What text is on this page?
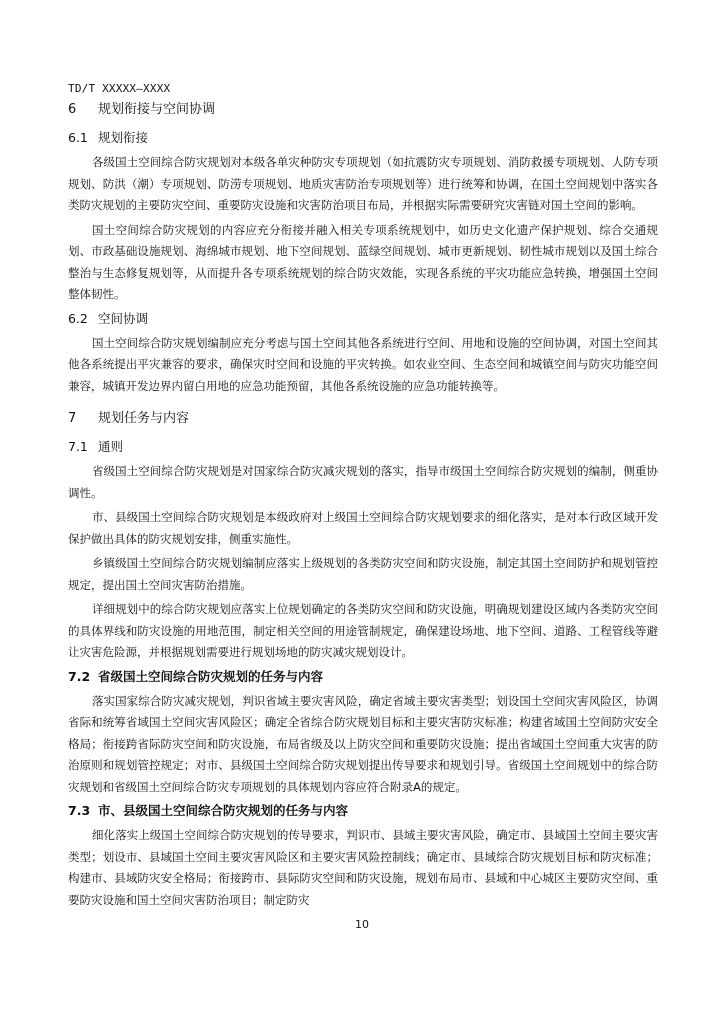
TD/T XXXXX—XXXX
6 规划衔接与空间协调
6.1 规划衔接

各级国土空间综合防灾规划对本级各单灾种防灾专项规划（如抗震防灾专项规划、消防救援专项规划、人防专项规划、防洪（潮）专项规划、防涝专项规划、地质灾害防治专项规划等）进行统筹和协调，在国土空间规划中落实各类防灾规划的主要防灾空间、重要防灾设施和灾害防治项目布局，并根据实际需要研究灾害链对国土空间的影响。

国土空间综合防灾规划的内容应充分衔接并融入相关专项系统规划中，如历史文化遗产保护规划、综合交通规划、市政基础设施规划、海绵城市规划、地下空间规划、蓝绿空间规划、城市更新规划、韧性城市规划以及国土综合整治与生态修复规划等，从而提升各专项系统规划的综合防灾效能，实现各系统的平灾功能应急转换，增强国土空间整体韧性。

6.2 空间协调

国土空间综合防灾规划编制应充分考虑与国土空间其他各系统进行空间、用地和设施的空间协调，对国土空间其他各系统提出平灾兼容的要求，确保灾时空间和设施的平灾转换。如农业空间、生态空间和城镇空间与防灾功能空间兼容，城镇开发边界内留白用地的应急功能预留，其他各系统设施的应急功能转换等。

7 规划任务与内容
7.1 通则

省级国土空间综合防灾规划是对国家综合防灾减灾规划的落实，指导市级国土空间综合防灾规划的编制，侧重协调性。

市、县级国土空间综合防灾规划是本级政府对上级国土空间综合防灾规划要求的细化落实，是对本行政区域开发保护做出具体的防灾规划安排，侧重实施性。

乡镇级国土空间综合防灾规划编制应落实上级规划的各类防灾空间和防灾设施，制定其国土空间防护和规划管控规定，提出国土空间灾害防治措施。

详细规划中的综合防灾规划应落实上位规划确定的各类防灾空间和防灾设施，明确规划建设区域内各类防灾空间的具体界线和防灾设施的用地范围，制定相关空间的用途管制规定，确保建设场地、地下空间、道路、工程管线等避让灾害危险源，并根据规划需要进行规划场地的防灾减灾规划设计。

7.2 省级国土空间综合防灾规划的任务与内容

落实国家综合防灾减灾规划，判识省域主要灾害风险，确定省域主要灾害类型；划设国土空间灾害风险区，协调省际和统筹省域国土空间灾害风险区；确定全省综合防灾规划目标和主要灾害防灾标准；构建省域国土空间防灾安全格局；衔接跨省际防灾空间和防灾设施，布局省级及以上防灾空间和重要防灾设施；提出省域国土空间重大灾害的防治原则和规划管控规定；对市、县级国土空间综合防灾规划提出传导要求和规划引导。省级国土空间规划中的综合防灾规划和省级国土空间综合防灾专项规划的具体规划内容应符合附录A的规定。

7.3 市、县级国土空间综合防灾规划的任务与内容

细化落实上级国土空间综合防灾规划的传导要求，判识市、县域主要灾害风险，确定市、县域国土空间主要灾害类型；划设市、县域国土空间主要灾害风险区和主要灾害风险控制线；确定市、县域综合防灾规划目标和防灾标准；构建市、县域防灾安全格局；衔接跨市、县际防灾空间和防灾设施，规划布局市、县域和中心城区主要防灾空间、重要防灾设施和国土空间灾害防治项目；制定防灾

10
